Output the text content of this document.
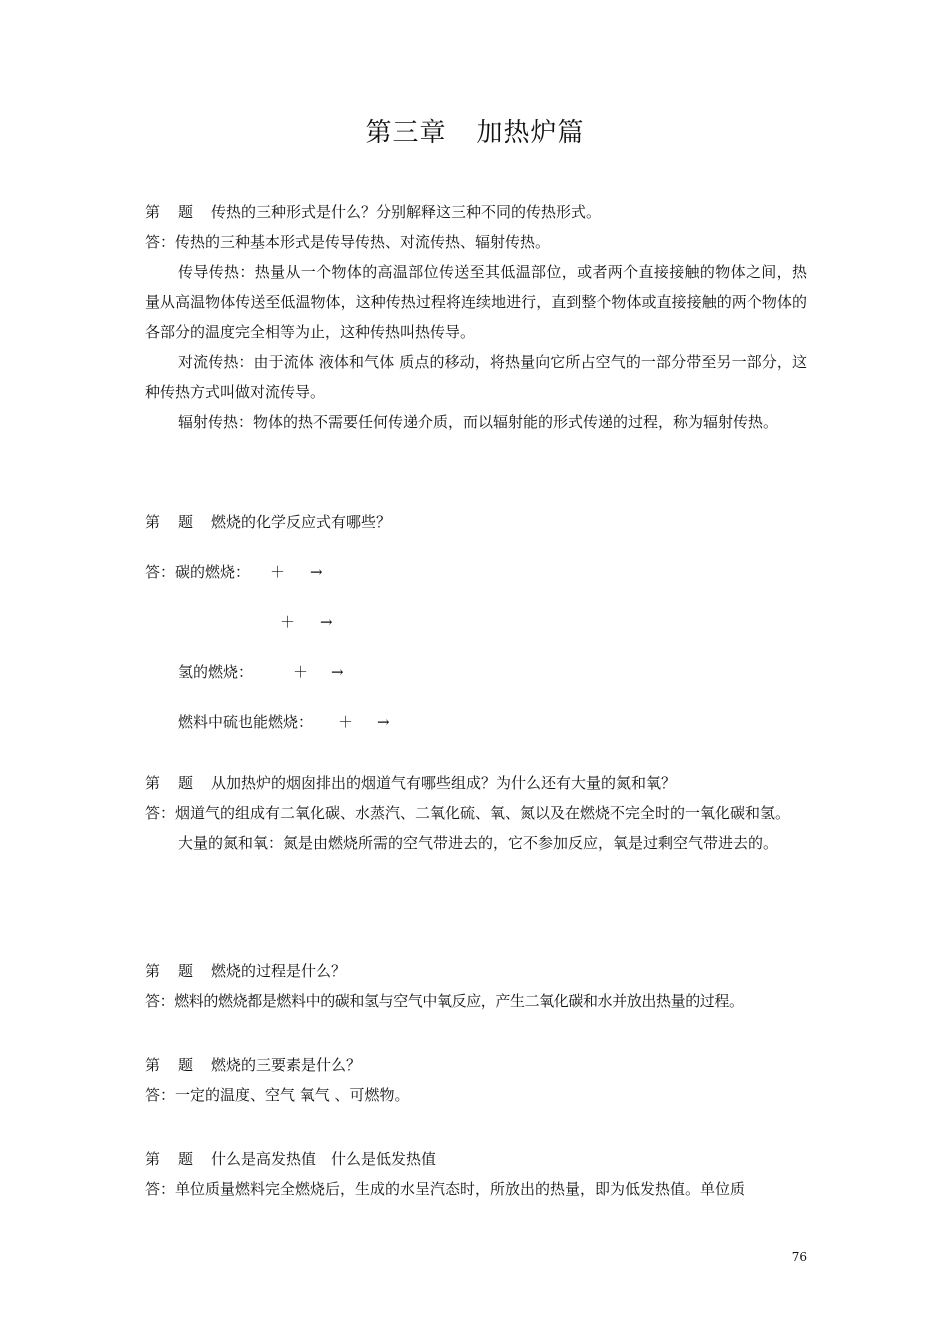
第三章 加热炉篇

第 题 传热的三种形式是什么？分别解释这三种不同的传热形式。

答：传热的三种基本形式是传导传热、对流传热、辐射传热。

传导传热：热量从一个物体的高温部位传送至其低温部位，或者两个直接接触的物体之间，热量从高温物体传送至低温物体，这种传热过程将连续地进行，直到整个物体或直接接触的两个物体的各部分的温度完全相等为止，这种传热叫热传导。

对流传热：由于流体 液体和气体 质点的移动，将热量向它所占空气的一部分带至另一部分，这种传热方式叫做对流传导。

辐射传热：物体的热不需要任何传递介质，而以辐射能的形式传递的过程，称为辐射传热。

第 题 燃烧的化学反应式有哪些？

答：碳的燃烧： ＋ →
＋ →
氢的燃烧：	＋ →
燃料中硫也能燃烧： ＋ →

第 题 从加热炉的烟囱排出的烟道气有哪些组成？为什么还有大量的氮和氧？

答：烟道气的组成有二氧化碳、水蒸汽、二氧化硫、氧、氮以及在燃烧不完全时的一氧化碳和氢。

大量的氮和氧：氮是由燃烧所需的空气带进去的，它不参加反应，氧是过剩空气带进去的。

第 题 燃烧的过程是什么？

答：燃料的燃烧都是燃料中的碳和氢与空气中氧反应，产生二氧化碳和水并放出热量的过程。

第 题 燃烧的三要素是什么？

答：一定的温度、空气 氧气 、可燃物。

第 题 什么是高发热值　什么是低发热值

答：单位质量燃料完全燃烧后，生成的水呈汽态时，所放出的热量，即为低发热值。单位质

76
